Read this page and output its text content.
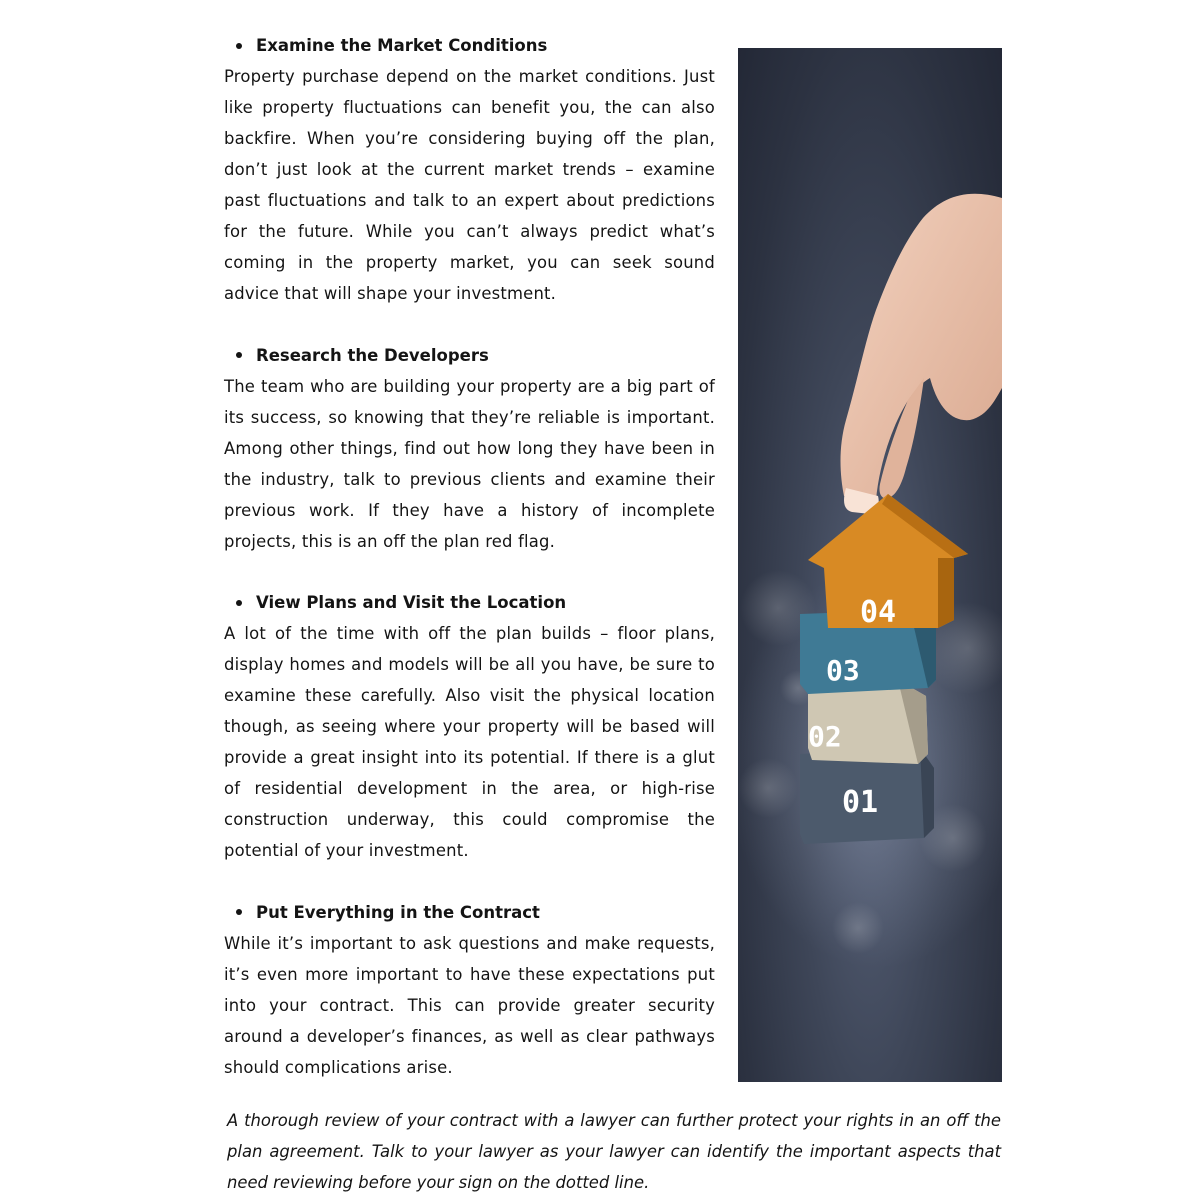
Examine the Market Conditions

Property purchase depend on the market conditions. Just like property fluctuations can benefit you, the can also backfire. When you’re considering buying off the plan, don’t just look at the current market trends – examine past fluctuations and talk to an expert about predictions for the future. While you can’t always predict what’s coming in the property market, you can seek sound advice that will shape your investment.

Research the Developers

The team who are building your property are a big part of its success, so knowing that they’re reliable is important. Among other things, find out how long they have been in the industry, talk to previous clients and examine their previous work. If they have a history of incomplete projects, this is an off the plan red flag.

View Plans and Visit the Location

A lot of the time with off the plan builds – floor plans, display homes and models will be all you have, be sure to examine these carefully. Also visit the physical location though, as seeing where your property will be based will provide a great insight into its potential. If there is a glut of residential development in the area, or high-rise construction underway, this could compromise the potential of your investment.

Put Everything in the Contract

While it’s important to ask questions and make requests, it’s even more important to have these expectations put into your contract. This can provide greater security around a developer’s finances, as well as clear pathways should complications arise.

01
02
03
04

A thorough review of your contract with a lawyer can further protect your rights in an off the plan agreement. Talk to your lawyer as your lawyer can identify the important aspects that need reviewing before your sign on the dotted line.
